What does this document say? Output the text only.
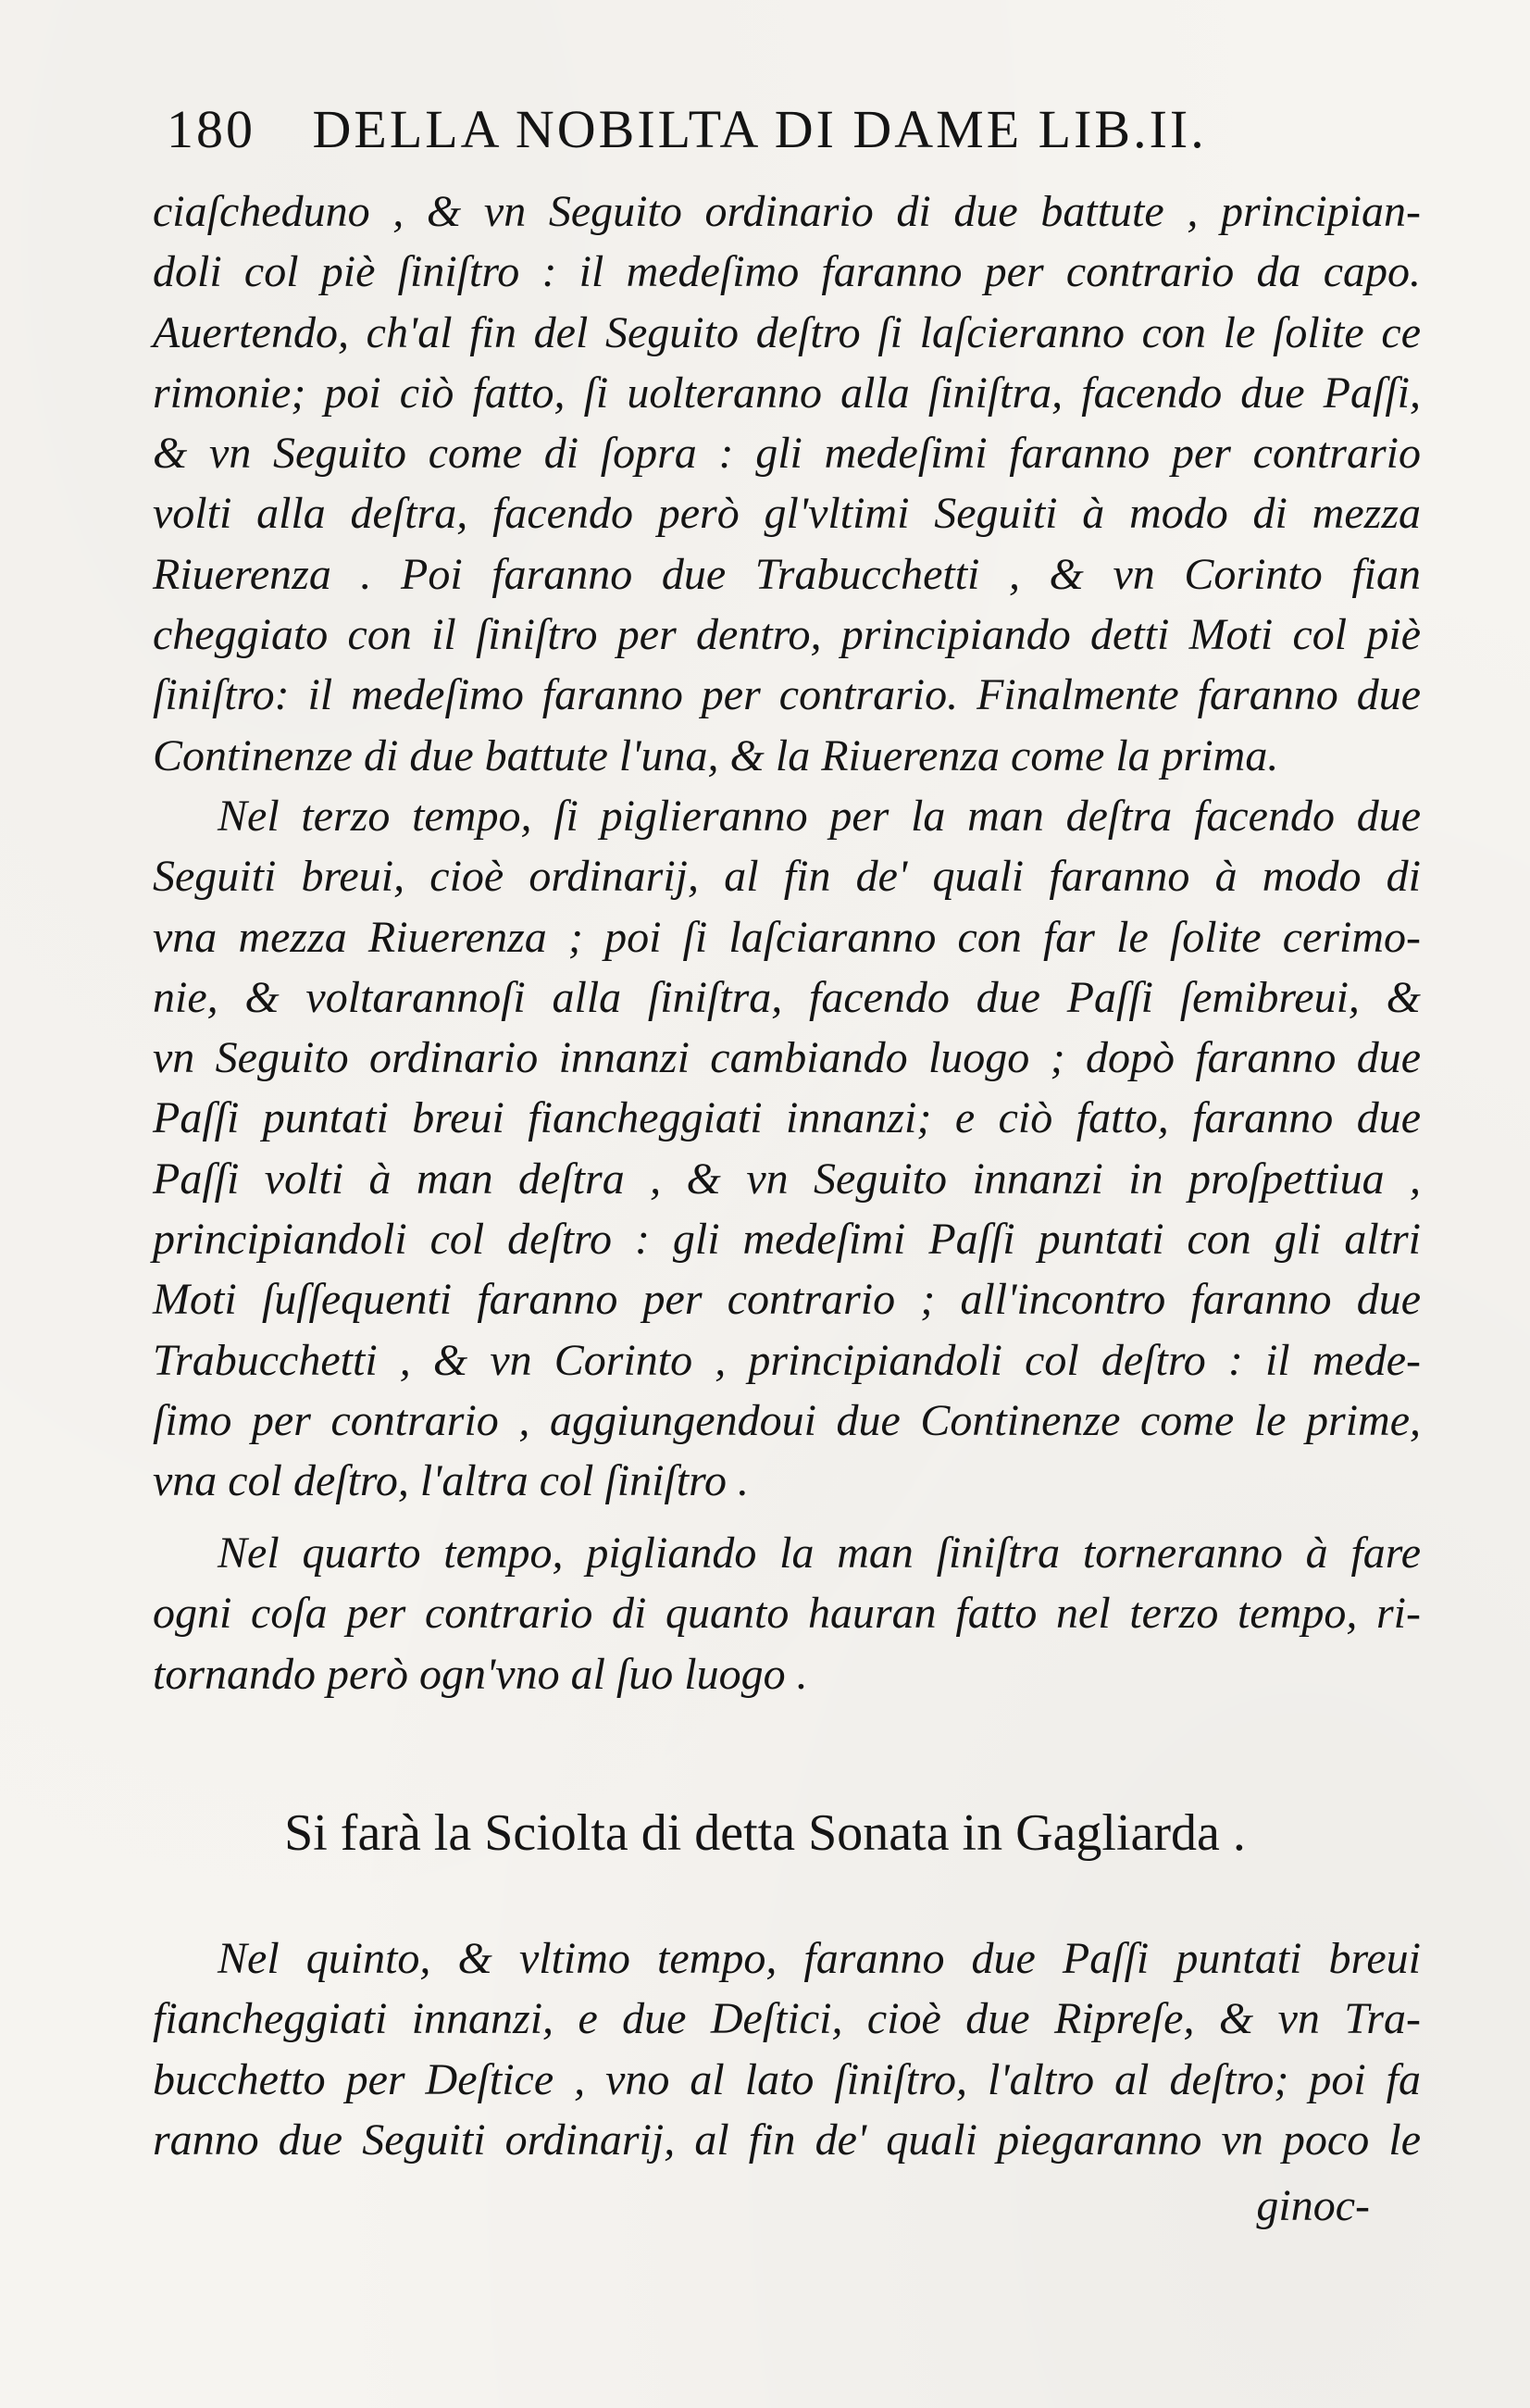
180 DELLA NOBILTA DI DAME LIB.II.
ciaſcheduno , & vn Seguito ordinario di due battute , principian-
doli col piè ſiniſtro : il medeſimo faranno per contrario da capo.
Auertendo, ch'al fin del Seguito deſtro ſi laſcieranno con le ſolite ce
rimonie; poi ciò fatto, ſi uolteranno alla ſiniſtra, facendo due Paſſi,
& vn Seguito come di ſopra : gli medeſimi faranno per contrario
volti alla deſtra, facendo però gl'vltimi Seguiti à modo di mezza
Riuerenza . Poi faranno due Trabucchetti , & vn Corinto fian
cheggiato con il ſiniſtro per dentro, principiando detti Moti col piè
ſiniſtro: il medeſimo faranno per contrario. Finalmente faranno due
Continenze di due battute l'una, & la Riuerenza come la prima.
Nel terzo tempo, ſi piglieranno per la man deſtra facendo due
Seguiti breui, cioè ordinarij, al fin de' quali faranno à modo di
vna mezza Riuerenza ; poi ſi laſciaranno con far le ſolite cerimo-
nie, & voltarannoſi alla ſiniſtra, facendo due Paſſi ſemibreui, &
vn Seguito ordinario innanzi cambiando luogo ; dopò faranno due
Paſſi puntati breui fiancheggiati innanzi; e ciò fatto, faranno due
Paſſi volti à man deſtra , & vn Seguito innanzi in proſpettiua ,
principiandoli col deſtro : gli medeſimi Paſſi puntati con gli altri
Moti ſuſſequenti faranno per contrario ; all'incontro faranno due
Trabucchetti , & vn Corinto , principiandoli col deſtro : il mede-
ſimo per contrario , aggiungendoui due Continenze come le prime,
vna col deſtro, l'altra col ſiniſtro .
Nel quarto tempo, pigliando la man ſiniſtra torneranno à fare
ogni coſa per contrario di quanto hauran fatto nel terzo tempo, ri-
tornando però ogn'vno al ſuo luogo .
Si farà la Sciolta di detta Sonata in Gagliarda .
Nel quinto, & vltimo tempo, faranno due Paſſi puntati breui
fiancheggiati innanzi, e due Deſtici, cioè due Ripreſe, & vn Tra-
bucchetto per Deſtice , vno al lato ſiniſtro, l'altro al deſtro; poi fa
ranno due Seguiti ordinarij, al fin de' quali piegaranno vn poco le
ginoc-
